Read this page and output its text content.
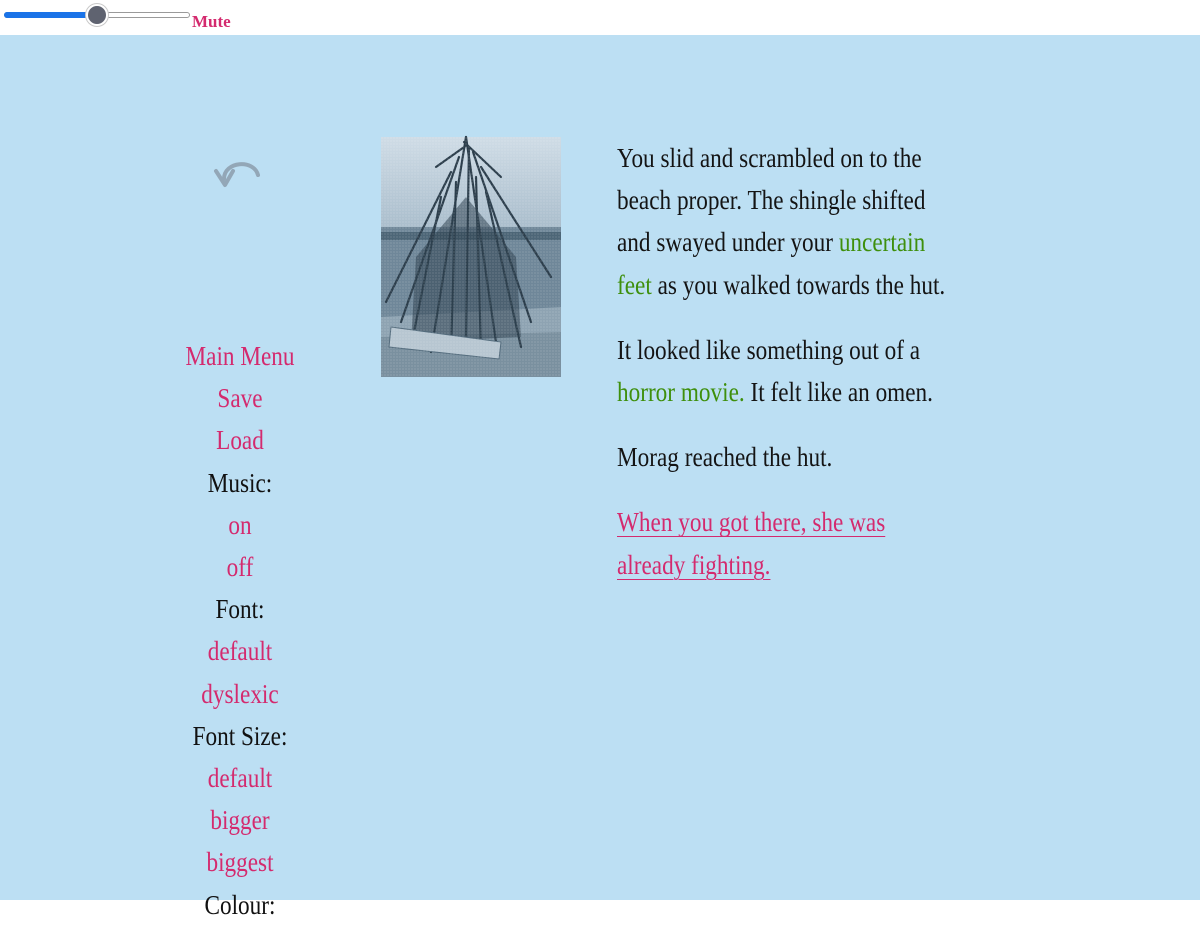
Mute
Main Menu
Save
Load
Music:
on
off
Font:
default
dyslexic
Font Size:
default
bigger
biggest
Colour:

You slid and scrambled on to the beach proper. The shingle shifted and swayed under your uncertain feet as you walked towards the hut.

It looked like something out of a horror movie. It felt like an omen.

Morag reached the hut.

When you got there, she was already fighting.
